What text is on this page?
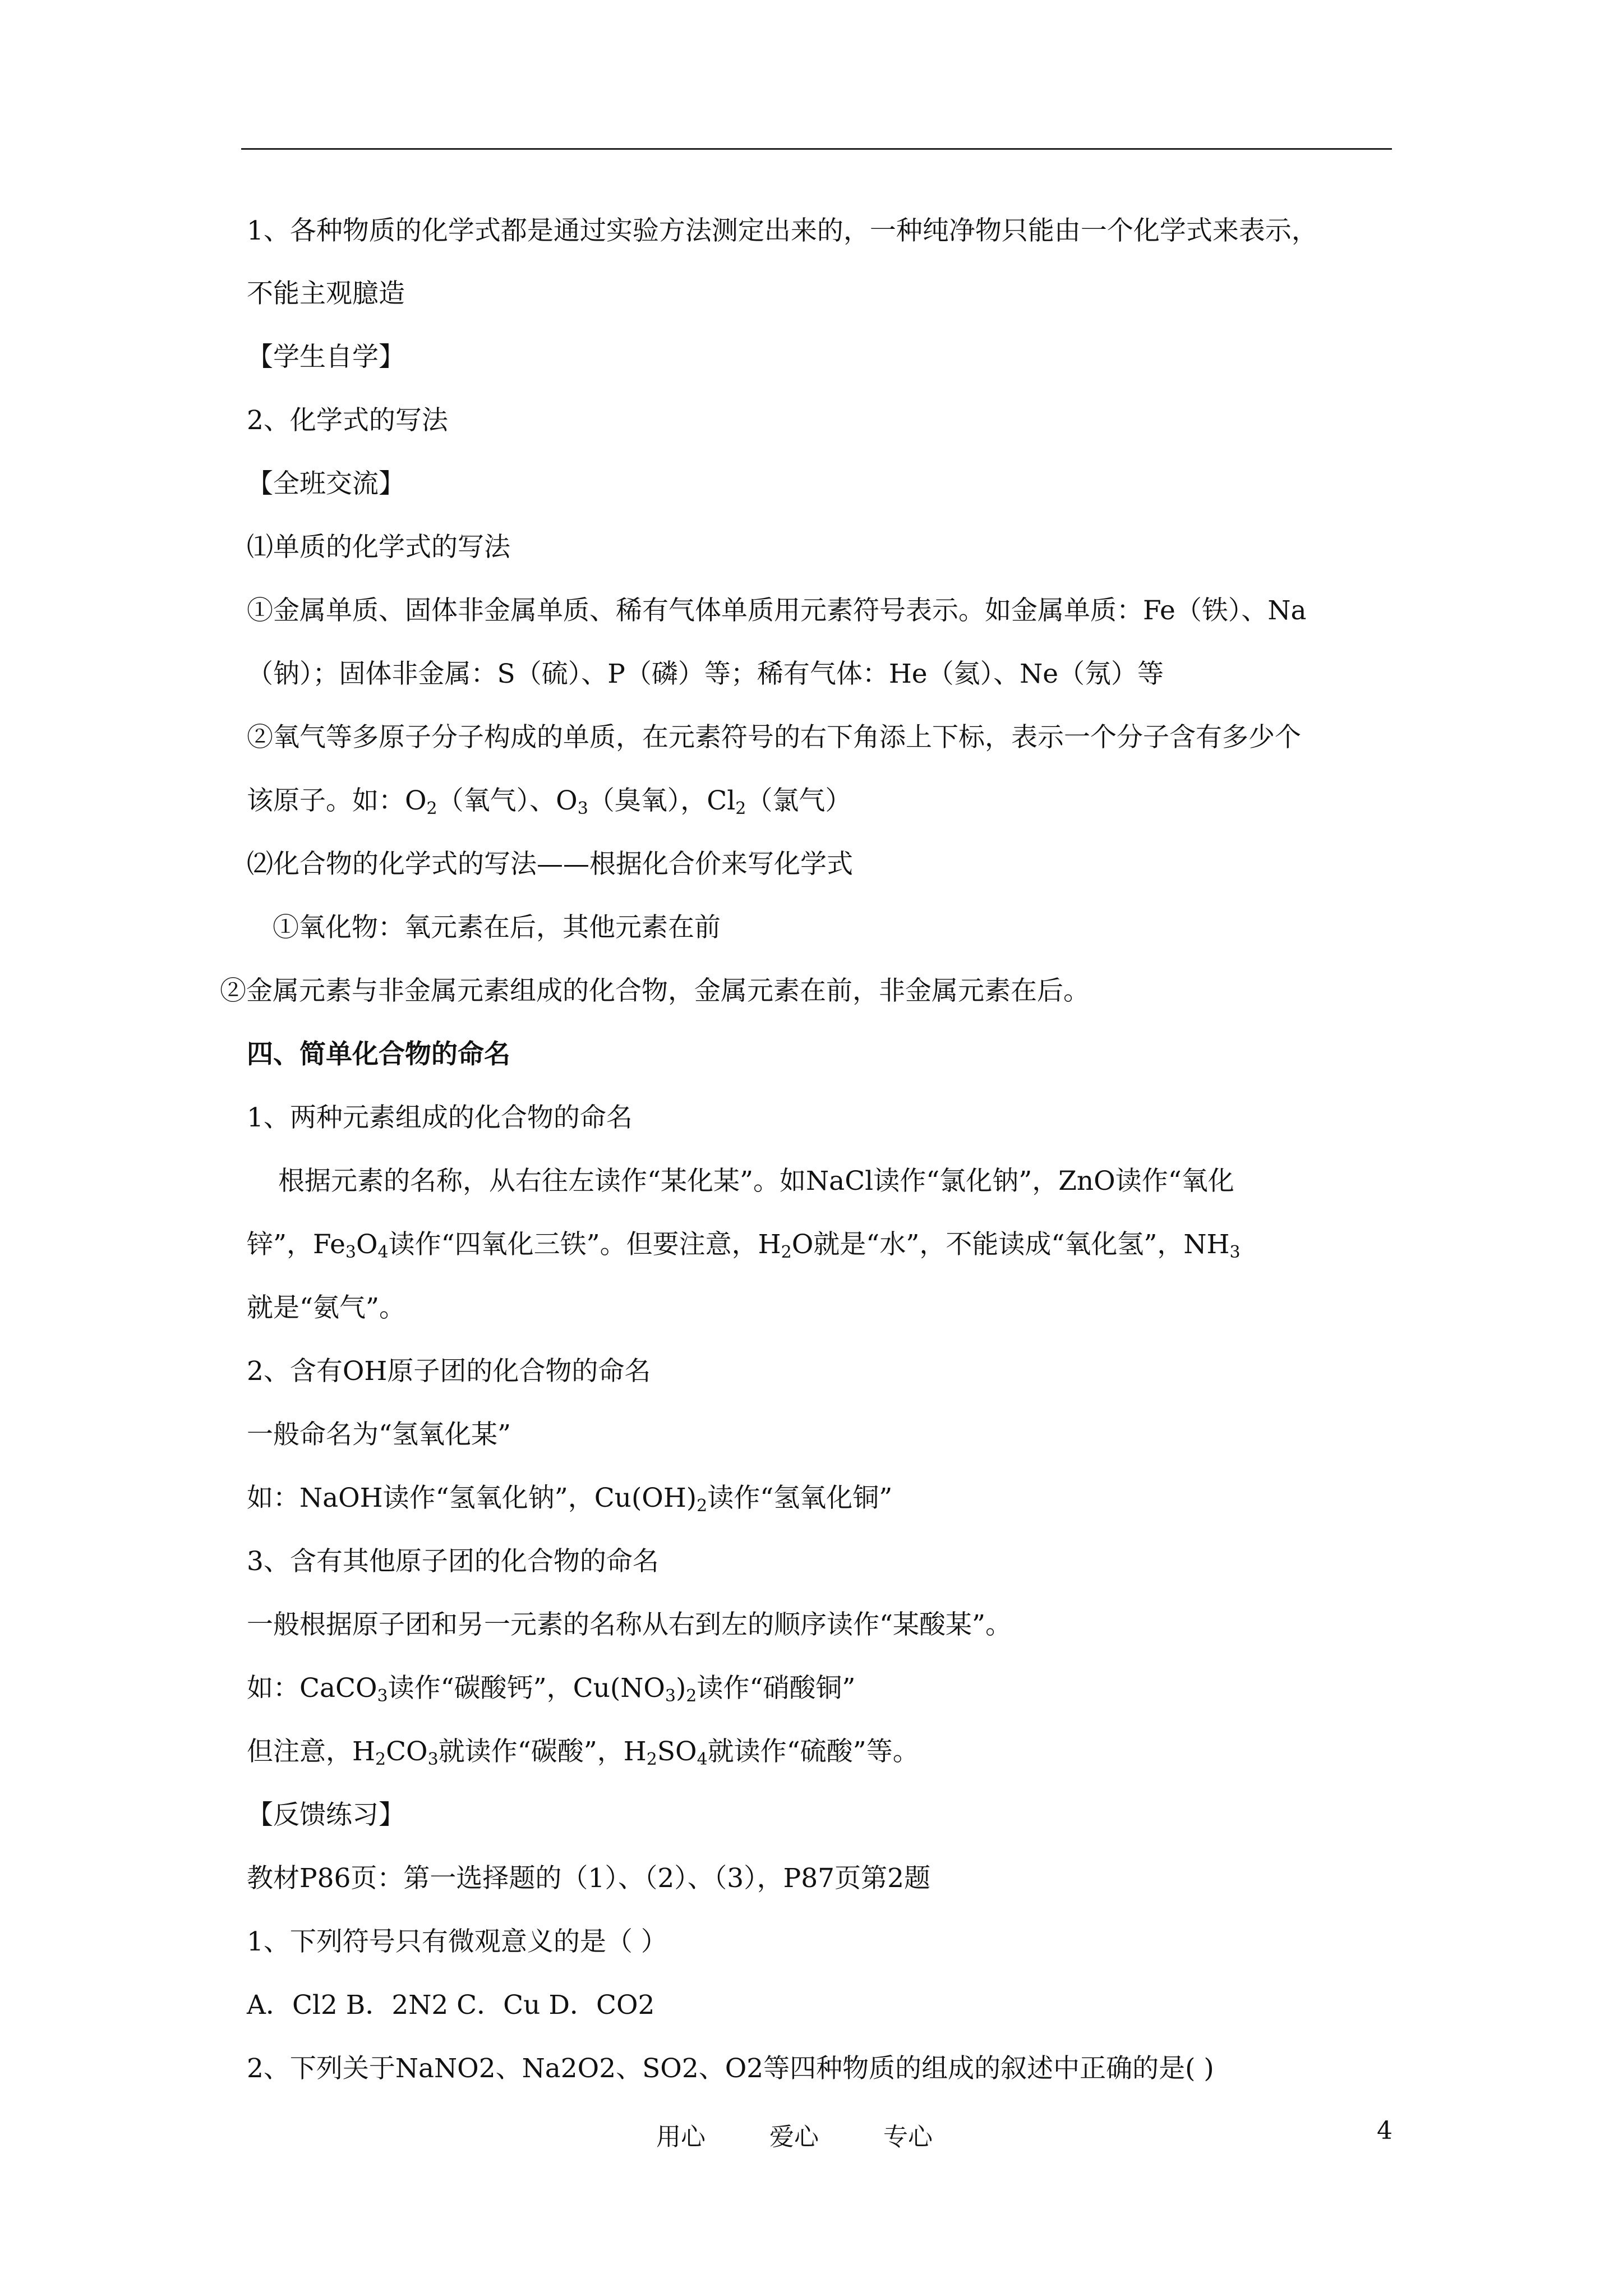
1、各种物质的化学式都是通过实验方法测定出来的，一种纯净物只能由一个化学式来表示，
不能主观臆造
【学生自学】
2、化学式的写法
【全班交流】
⑴单质的化学式的写法
①金属单质、固体非金属单质、稀有气体单质用元素符号表示。如金属单质：Fe（铁）、Na
（钠）；固体非金属：S（硫）、P（磷）等；稀有气体：He（氦）、Ne（氖）等
②氧气等多原子分子构成的单质，在元素符号的右下角添上下标，表示一个分子含有多少个
该原子。如：$O_2$（氧气）、$O_3$（臭氧），$Cl_2$（氯气）
⑵化合物的化学式的写法——根据化合价来写化学式
①氧化物：氧元素在后，其他元素在前
②金属元素与非金属元素组成的化合物，金属元素在前，非金属元素在后。
四、简单化合物的命名
1、两种元素组成的化合物的命名
根据元素的名称，从右往左读作“某化某”。如NaCl读作“氯化钠”，ZnO读作“氧化
锌”，$Fe_3O_4$读作“四氧化三铁”。但要注意，$H_2O$就是“水”，不能读成“氧化氢”，$NH_3$
就是“氨气”。
2、含有OH原子团的化合物的命名
一般命名为“氢氧化某”
如：NaOH读作“氢氧化钠”，$Cu(OH)_2$读作“氢氧化铜”
3、含有其他原子团的化合物的命名
一般根据原子团和另一元素的名称从右到左的顺序读作“某酸某”。
如：CaCO$_3$读作“碳酸钙”，$Cu(NO_3)_2$读作“硝酸铜”
但注意，$H_2CO_3$就读作“碳酸”，$H_2SO_4$就读作“硫酸”等。
【反馈练习】
教材P86页：第一选择题的（1）、（2）、（3），P87页第2题
1、下列符号只有微观意义的是（ ）
A．Cl2 B．2N2 C．Cu D．CO2
2、下列关于NaNO2、Na2O2、SO2、O2等四种物质的组成的叙述中正确的是( )
用心	爱心	专心	4
